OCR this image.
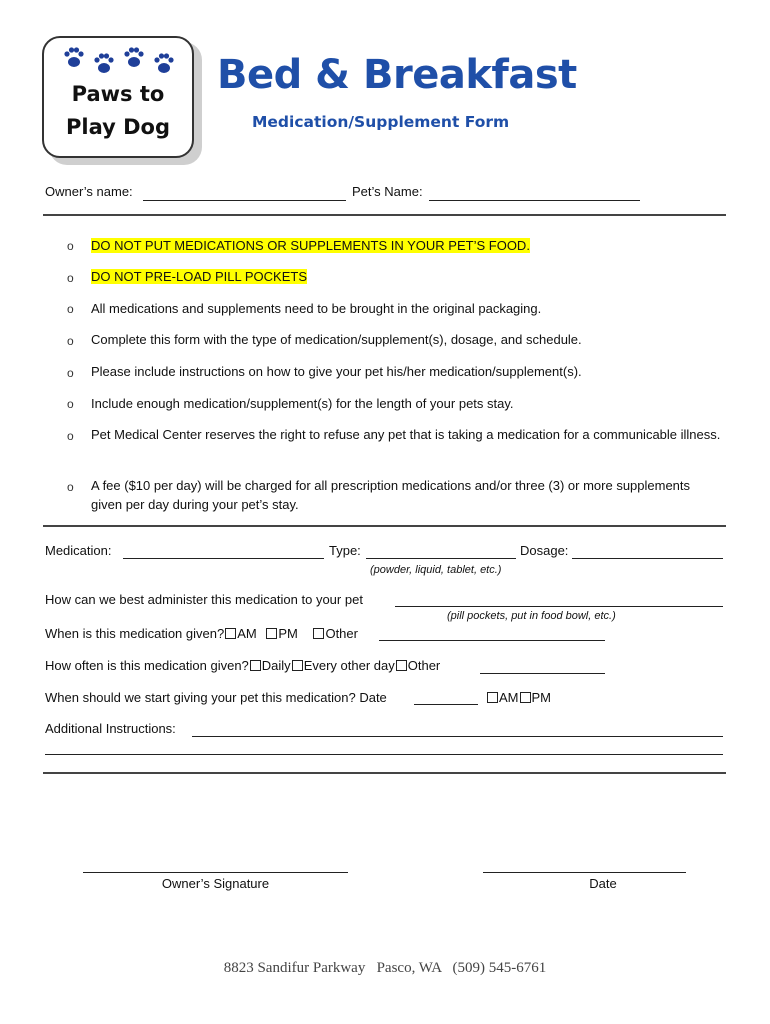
Paws to
Play Dog
Bed & Breakfast
Medication/Supplement Form
Owner’s name:	Pet’s Name:
o DO NOT PUT MEDICATIONS OR SUPPLEMENTS IN YOUR PET’S FOOD.
o DO NOT PRE-LOAD PILL POCKETS
o All medications and supplements need to be brought in the original packaging.
o Complete this form with the type of medication/supplement(s), dosage, and schedule.
o Please include instructions on how to give your pet his/her medication/supplement(s).
o Include enough medication/supplement(s) for the length of your pets stay.
o Pet Medical Center reserves the right to refuse any pet that is taking a medication for a communicable illness.
o A fee ($10 per day) will be charged for all prescription medications and/or three (3) or more supplements given per day during your pet’s stay.
Medication:	Type:	Dosage:
(powder, liquid, tablet, etc.)
How can we best administer this medication to your pet
(pill pockets, put in food bowl, etc.)
When is this medication given? AM PM Other
How often is this medication given? Daily Every other day Other
When should we start giving your pet this medication? Date	AM PM
Additional Instructions:
Owner’s Signature	Date
8823 Sandifur Parkway   Pasco, WA   (509) 545-6761
